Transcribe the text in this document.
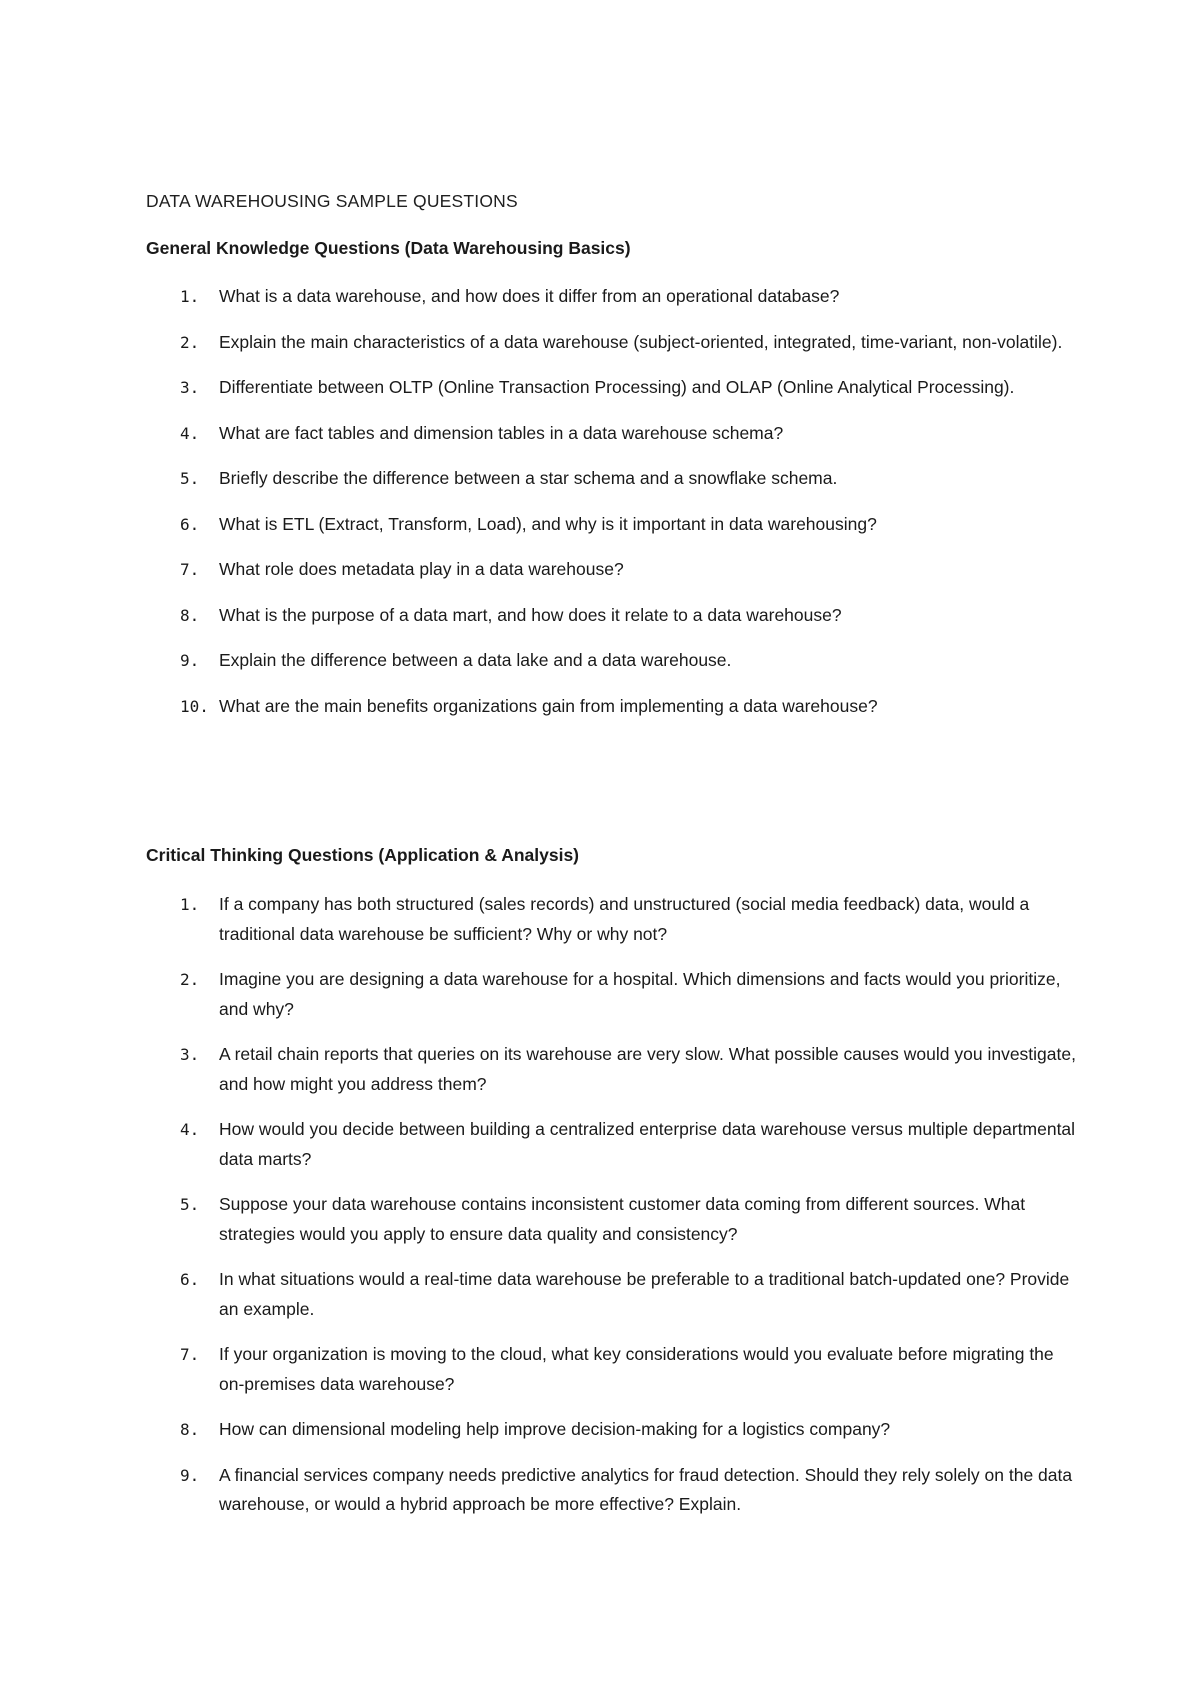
DATA WAREHOUSING SAMPLE QUESTIONS
General Knowledge Questions (Data Warehousing Basics)
1. What is a data warehouse, and how does it differ from an operational database?
2. Explain the main characteristics of a data warehouse (subject-oriented, integrated, time-variant, non-volatile).
3. Differentiate between OLTP (Online Transaction Processing) and OLAP (Online Analytical Processing).
4. What are fact tables and dimension tables in a data warehouse schema?
5. Briefly describe the difference between a star schema and a snowflake schema.
6. What is ETL (Extract, Transform, Load), and why is it important in data warehousing?
7. What role does metadata play in a data warehouse?
8. What is the purpose of a data mart, and how does it relate to a data warehouse?
9. Explain the difference between a data lake and a data warehouse.
10. What are the main benefits organizations gain from implementing a data warehouse?
Critical Thinking Questions (Application & Analysis)
1. If a company has both structured (sales records) and unstructured (social media feedback) data, would a traditional data warehouse be sufficient? Why or why not?
2. Imagine you are designing a data warehouse for a hospital. Which dimensions and facts would you prioritize, and why?
3. A retail chain reports that queries on its warehouse are very slow. What possible causes would you investigate, and how might you address them?
4. How would you decide between building a centralized enterprise data warehouse versus multiple departmental data marts?
5. Suppose your data warehouse contains inconsistent customer data coming from different sources. What strategies would you apply to ensure data quality and consistency?
6. In what situations would a real-time data warehouse be preferable to a traditional batch-updated one? Provide an example.
7. If your organization is moving to the cloud, what key considerations would you evaluate before migrating the on-premises data warehouse?
8. How can dimensional modeling help improve decision-making for a logistics company?
9. A financial services company needs predictive analytics for fraud detection. Should they rely solely on the data warehouse, or would a hybrid approach be more effective? Explain.
